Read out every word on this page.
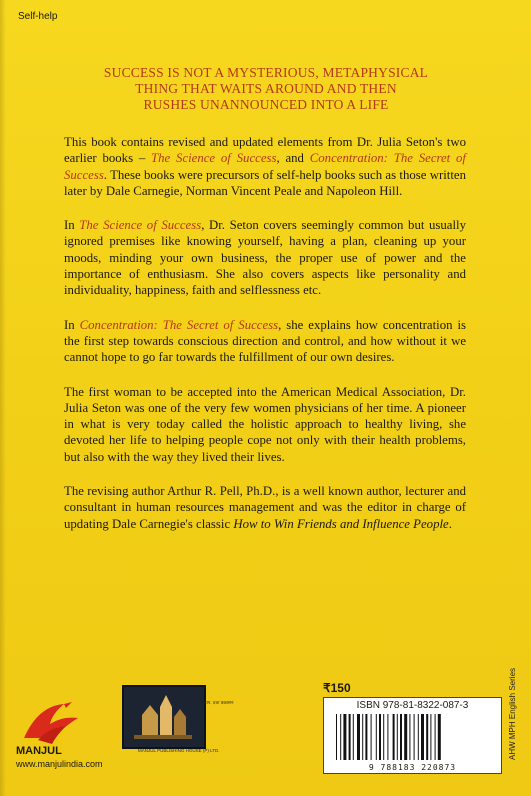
Self-help
SUCCESS IS NOT A MYSTERIOUS, METAPHYSICAL
THING THAT WAITS AROUND AND THEN
RUSHES UNANNOUNCED INTO A LIFE

This book contains revised and updated elements from Dr. Julia Seton's two earlier books – The Science of Success, and Concentration: The Secret of Success. These books were precursors of self-help books such as those written later by Dale Carnegie, Norman Vincent Peale and Napoleon Hill.

In The Science of Success, Dr. Seton covers seemingly common but usually ignored premises like knowing yourself, having a plan, cleaning up your moods, minding your own business, the proper use of power and the importance of enthusiasm. She also covers aspects like personality and individuality, happiness, faith and selflessness etc.

In Concentration: The Secret of Success, she explains how concentration is the first step towards conscious direction and control, and how without it we cannot hope to go far towards the fulfillment of our own desires.

The first woman to be accepted into the American Medical Association, Dr. Julia Seton was one of the very few women physicians of her time. A pioneer in what is very today called the holistic approach to healthy living, she devoted her life to helping people cope not only with their health problems, but also with the way they lived their lives.

The revising author Arthur R. Pell, Ph.D., is a well known author, lecturer and consultant in human resources management and was the editor in charge of updating Dale Carnegie's classic How to Win Friends and Influence People.

MANJUL
www.manjulindia.com
ताप. दत्ता प्रकाशन
MANJUL PUBLISHING HOUSE (P) LTD.
₹150
ISBN 978-81-8322-087-3
9 788183 220873
AHW MPH English Series
